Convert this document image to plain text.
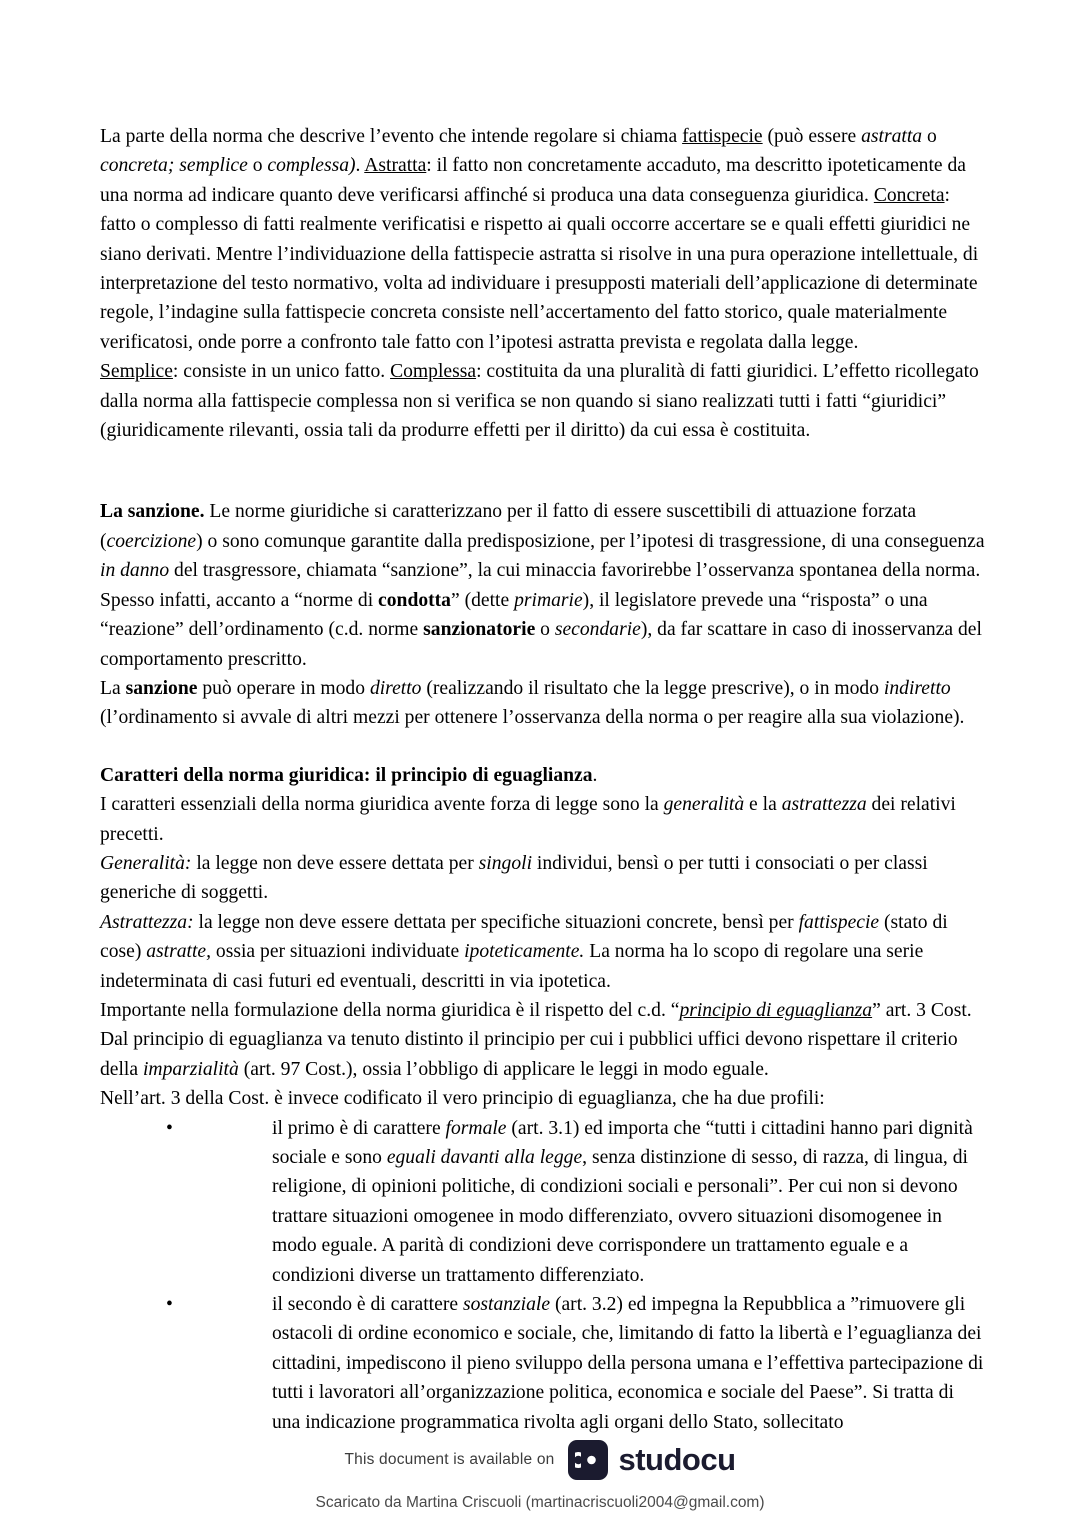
La parte della norma che descrive l’evento che intende regolare si chiama fattispecie (può essere astratta o concreta; semplice o complessa). Astratta: il fatto non concretamente accaduto, ma descritto ipoteticamente da una norma ad indicare quanto deve verificarsi affinché si produca una data conseguenza giuridica. Concreta: fatto o complesso di fatti realmente verificatisi e rispetto ai quali occorre accertare se e quali effetti giuridici ne siano derivati. Mentre l’individuazione della fattispecie astratta si risolve in una pura operazione intellettuale, di interpretazione del testo normativo, volta ad individuare i presupposti materiali dell’applicazione di determinate regole, l’indagine sulla fattispecie concreta consiste nell’accertamento del fatto storico, quale materialmente verificatosi, onde porre a confronto tale fatto con l’ipotesi astratta prevista e regolata dalla legge.

Semplice: consiste in un unico fatto. Complessa: costituita da una pluralità di fatti giuridici. L’effetto ricollegato dalla norma alla fattispecie complessa non si verifica se non quando si siano realizzati tutti i fatti “giuridici” (giuridicamente rilevanti, ossia tali da produrre effetti per il diritto) da cui essa è costituita.

La sanzione. Le norme giuridiche si caratterizzano per il fatto di essere suscettibili di attuazione forzata (coercizione) o sono comunque garantite dalla predisposizione, per l’ipotesi di trasgressione, di una conseguenza in danno del trasgressore, chiamata “sanzione”, la cui minaccia favorirebbe l’osservanza spontanea della norma.

Spesso infatti, accanto a “norme di condotta” (dette primarie), il legislatore prevede una “risposta” o una “reazione” dell’ordinamento (c.d. norme sanzionatorie o secondarie), da far scattare in caso di inosservanza del comportamento prescritto.

La sanzione può operare in modo diretto (realizzando il risultato che la legge prescrive), o in modo indiretto (l’ordinamento si avvale di altri mezzi per ottenere l’osservanza della norma o per reagire alla sua violazione).

Caratteri della norma giuridica: il principio di eguaglianza.

I caratteri essenziali della norma giuridica avente forza di legge sono la generalità e la astrattezza dei relativi precetti.

Generalità: la legge non deve essere dettata per singoli individui, bensì o per tutti i consociati o per classi generiche di soggetti.

Astrattezza: la legge non deve essere dettata per specifiche situazioni concrete, bensì per fattispecie (stato di cose) astratte, ossia per situazioni individuate ipoteticamente. La norma ha lo scopo di regolare una serie indeterminata di casi futuri ed eventuali, descritti in via ipotetica.

Importante nella formulazione della norma giuridica è il rispetto del c.d. “principio di eguaglianza” art. 3 Cost.

Dal principio di eguaglianza va tenuto distinto il principio per cui i pubblici uffici devono rispettare il criterio della imparzialità (art. 97 Cost.), ossia l’obbligo di applicare le leggi in modo eguale.

Nell’art. 3 della Cost. è invece codificato il vero principio di eguaglianza, che ha due profili:

•	il primo è di carattere formale (art. 3.1) ed importa che “tutti i cittadini hanno pari dignità sociale e sono eguali davanti alla legge, senza distinzione di sesso, di razza, di lingua, di religione, di opinioni politiche, di condizioni sociali e personali”. Per cui non si devono trattare situazioni omogenee in modo differenziato, ovvero situazioni disomogenee in modo eguale. A parità di condizioni deve corrispondere un trattamento eguale e a condizioni diverse un trattamento differenziato.

•	il secondo è di carattere sostanziale (art. 3.2) ed impegna la Repubblica a ”rimuovere gli ostacoli di ordine economico e sociale, che, limitando di fatto la libertà e l’eguaglianza dei cittadini, impediscono il pieno sviluppo della persona umana e l’effettiva partecipazione di tutti i lavoratori all’organizzazione politica, economica e sociale del Paese”. Si tratta di una indicazione programmatica rivolta agli organi dello Stato, sollecitato

This document is available on studocu
Scaricato da Martina Criscuoli (martinacriscuoli2004@gmail.com)
